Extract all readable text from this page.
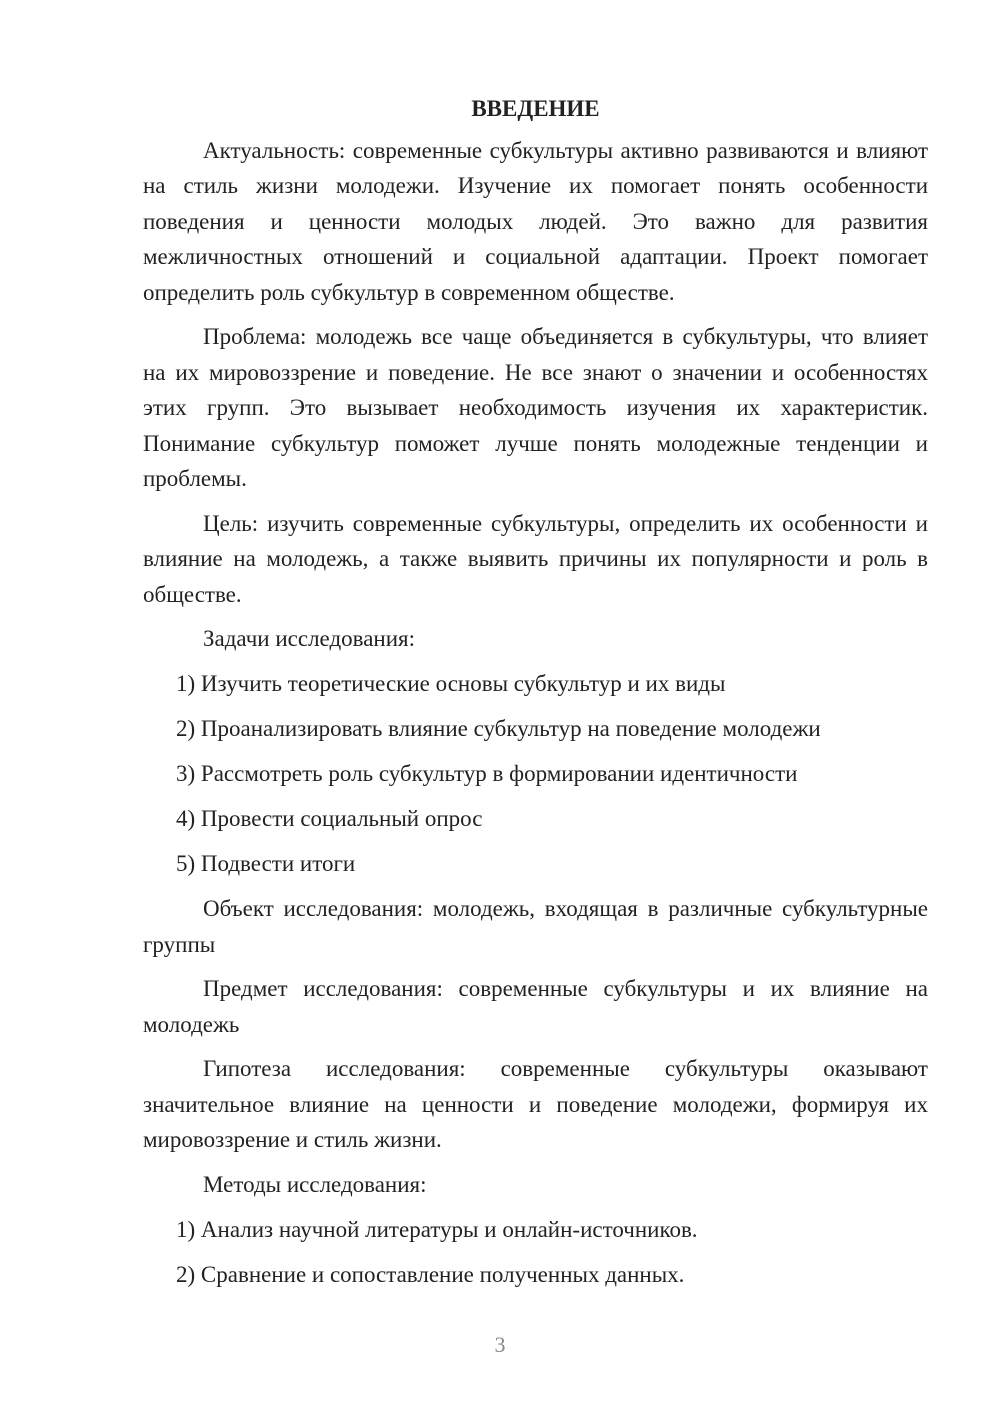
ВВЕДЕНИЕ

Актуальность: современные субкультуры активно развиваются и влияют на стиль жизни молодежи. Изучение их помогает понять особенности поведения и ценности молодых людей. Это важно для развития межличностных отношений и социальной адаптации. Проект помогает определить роль субкультур в современном обществе.

Проблема: молодежь все чаще объединяется в субкультуры, что влияет на их мировоззрение и поведение. Не все знают о значении и особенностях этих групп. Это вызывает необходимость изучения их характеристик. Понимание субкультур поможет лучше понять молодежные тенденции и проблемы.

Цель: изучить современные субкультуры, определить их особенности и влияние на молодежь, а также выявить причины их популярности и роль в обществе.

Задачи исследования:

1) Изучить теоретические основы субкультур и их виды

2) Проанализировать влияние субкультур на поведение молодежи

3) Рассмотреть роль субкультур в формировании идентичности

4) Провести социальный опрос

5) Подвести итоги

Объект исследования: молодежь, входящая в различные субкультурные группы

Предмет исследования: современные субкультуры и их влияние на молодежь

Гипотеза исследования: современные субкультуры оказывают значительное влияние на ценности и поведение молодежи, формируя их мировоззрение и стиль жизни.

Методы исследования:

1) Анализ научной литературы и онлайн-источников.

2) Сравнение и сопоставление полученных данных.

3
